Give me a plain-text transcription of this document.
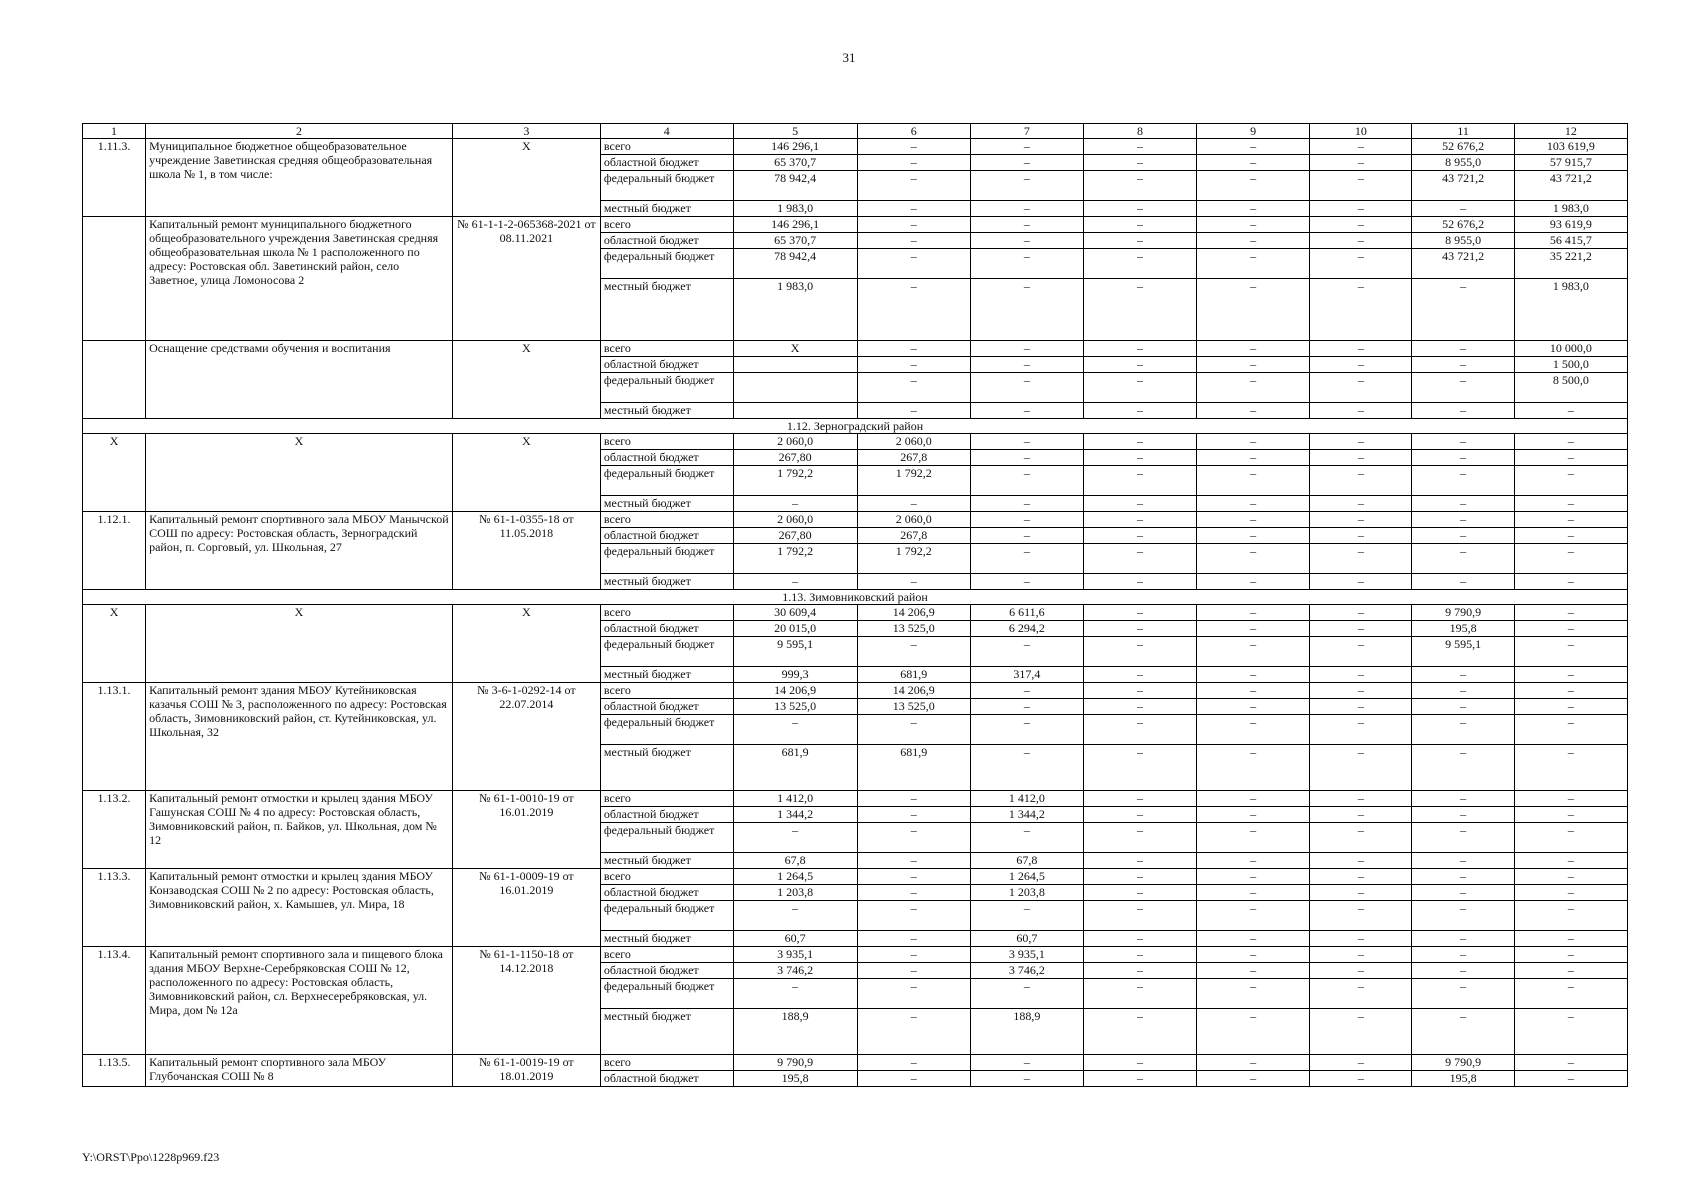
31
1	2	3	4	5	6	7	8	9	10	11	12
1.11.3.	Муниципальное бюджетное общеобразовательное учреждение Заветинская средняя общеобразовательная школа № 1, в том числе:	Х	всего	146 296,1	–	–	–	–	–	52 676,2	103 619,9
			областной бюджет	65 370,7	–	–	–	–	–	8 955,0	57 915,7
			федеральный бюджет	78 942,4	–	–	–	–	–	43 721,2	43 721,2
			местный бюджет	1 983,0	–	–	–	–	–	–	1 983,0
	Капитальный ремонт муниципального бюджетного общеобразовательного учреждения Заветинская средняя общеобразовательная школа № 1 расположенного по адресу: Ростовская обл. Заветинский район, село Заветное, улица Ломоносова 2	№ 61-1-1-2-065368-2021 от 08.11.2021	всего	146 296,1	–	–	–	–	–	52 676,2	93 619,9
			областной бюджет	65 370,7	–	–	–	–	–	8 955,0	56 415,7
			федеральный бюджет	78 942,4	–	–	–	–	–	43 721,2	35 221,2
			местный бюджет	1 983,0	–	–	–	–	–	–	1 983,0
	Оснащение средствами обучения и воспитания	Х	всего	Х	–	–	–	–	–	–	10 000,0
			областной бюджет		–	–	–	–	–	–	1 500,0
			федеральный бюджет		–	–	–	–	–	–	8 500,0
			местный бюджет		–	–	–	–	–	–	–
1.12. Зерноградский район											
Х	Х	Х	всего	2 060,0	2 060,0	–	–	–	–	–	–
			областной бюджет	267,80	267,8	–	–	–	–	–	–
			федеральный бюджет	1 792,2	1 792,2	–	–	–	–	–	–
			местный бюджет	–	–	–	–	–	–	–	–
1.12.1.	Капитальный ремонт спортивного зала МБОУ Манычской СОШ по адресу: Ростовская область, Зерноградский район, п. Сорговый, ул. Школьная, 27	№ 61-1-0355-18 от 11.05.2018	всего	2 060,0	2 060,0	–	–	–	–	–	–
			областной бюджет	267,80	267,8	–	–	–	–	–	–
			федеральный бюджет	1 792,2	1 792,2	–	–	–	–	–	–
			местный бюджет	–	–	–	–	–	–	–	–
1.13. Зимовниковский район											
Х	Х	Х	всего	30 609,4	14 206,9	6 611,6	–	–	–	9 790,9	–
			областной бюджет	20 015,0	13 525,0	6 294,2	–	–	–	195,8	–
			федеральный бюджет	9 595,1	–	–	–	–	–	9 595,1	–
			местный бюджет	999,3	681,9	317,4	–	–	–	–	–
1.13.1.	Капитальный ремонт здания МБОУ Кутейниковская казачья СОШ № 3, расположенного по адресу: Ростовская область, Зимовниковский район, ст. Кутейниковская, ул. Школьная, 32	№ 3-6-1-0292-14 от 22.07.2014	всего	14 206,9	14 206,9	–	–	–	–	–	–
			областной бюджет	13 525,0	13 525,0	–	–	–	–	–	–
			федеральный бюджет	–	–	–	–	–	–	–	–
			местный бюджет	681,9	681,9	–	–	–	–	–	–
1.13.2.	Капитальный ремонт отмостки и крылец здания МБОУ Гашунская СОШ № 4 по адресу: Ростовская область, Зимовниковский район, п. Байков, ул. Школьная, дом № 12	№ 61-1-0010-19 от 16.01.2019	всего	1 412,0	–	1 412,0	–	–	–	–	–
			областной бюджет	1 344,2	–	1 344,2	–	–	–	–	–
			федеральный бюджет	–	–	–	–	–	–	–	–
			местный бюджет	67,8	–	67,8	–	–	–	–	–
1.13.3.	Капитальный ремонт отмостки и крылец здания МБОУ Конзаводская СОШ № 2 по адресу: Ростовская область, Зимовниковский район, х. Камышев, ул. Мира, 18	№ 61-1-0009-19 от 16.01.2019	всего	1 264,5	–	1 264,5	–	–	–	–	–
			областной бюджет	1 203,8	–	1 203,8	–	–	–	–	–
			федеральный бюджет	–	–	–	–	–	–	–	–
			местный бюджет	60,7	–	60,7	–	–	–	–	–
1.13.4.	Капитальный ремонт спортивного зала и пищевого блока здания МБОУ Верхне-Серебряковская СОШ № 12, расположенного по адресу: Ростовская область, Зимовниковский район, сл. Верхнесеребряковская, ул. Мира, дом № 12а	№ 61-1-1150-18 от 14.12.2018	всего	3 935,1	–	3 935,1	–	–	–	–	–
			областной бюджет	3 746,2	–	3 746,2	–	–	–	–	–
			федеральный бюджет	–	–	–	–	–	–	–	–
			местный бюджет	188,9	–	188,9	–	–	–	–	–
1.13.5.	Капитальный ремонт спортивного зала МБОУ Глубочанская СОШ № 8	№ 61-1-0019-19 от 18.01.2019	всего	9 790,9	–	–	–	–	–	9 790,9	–
			областной бюджет	195,8	–	–	–	–	–	195,8	–
Y:\ORST\Ppo\1228p969.f23
